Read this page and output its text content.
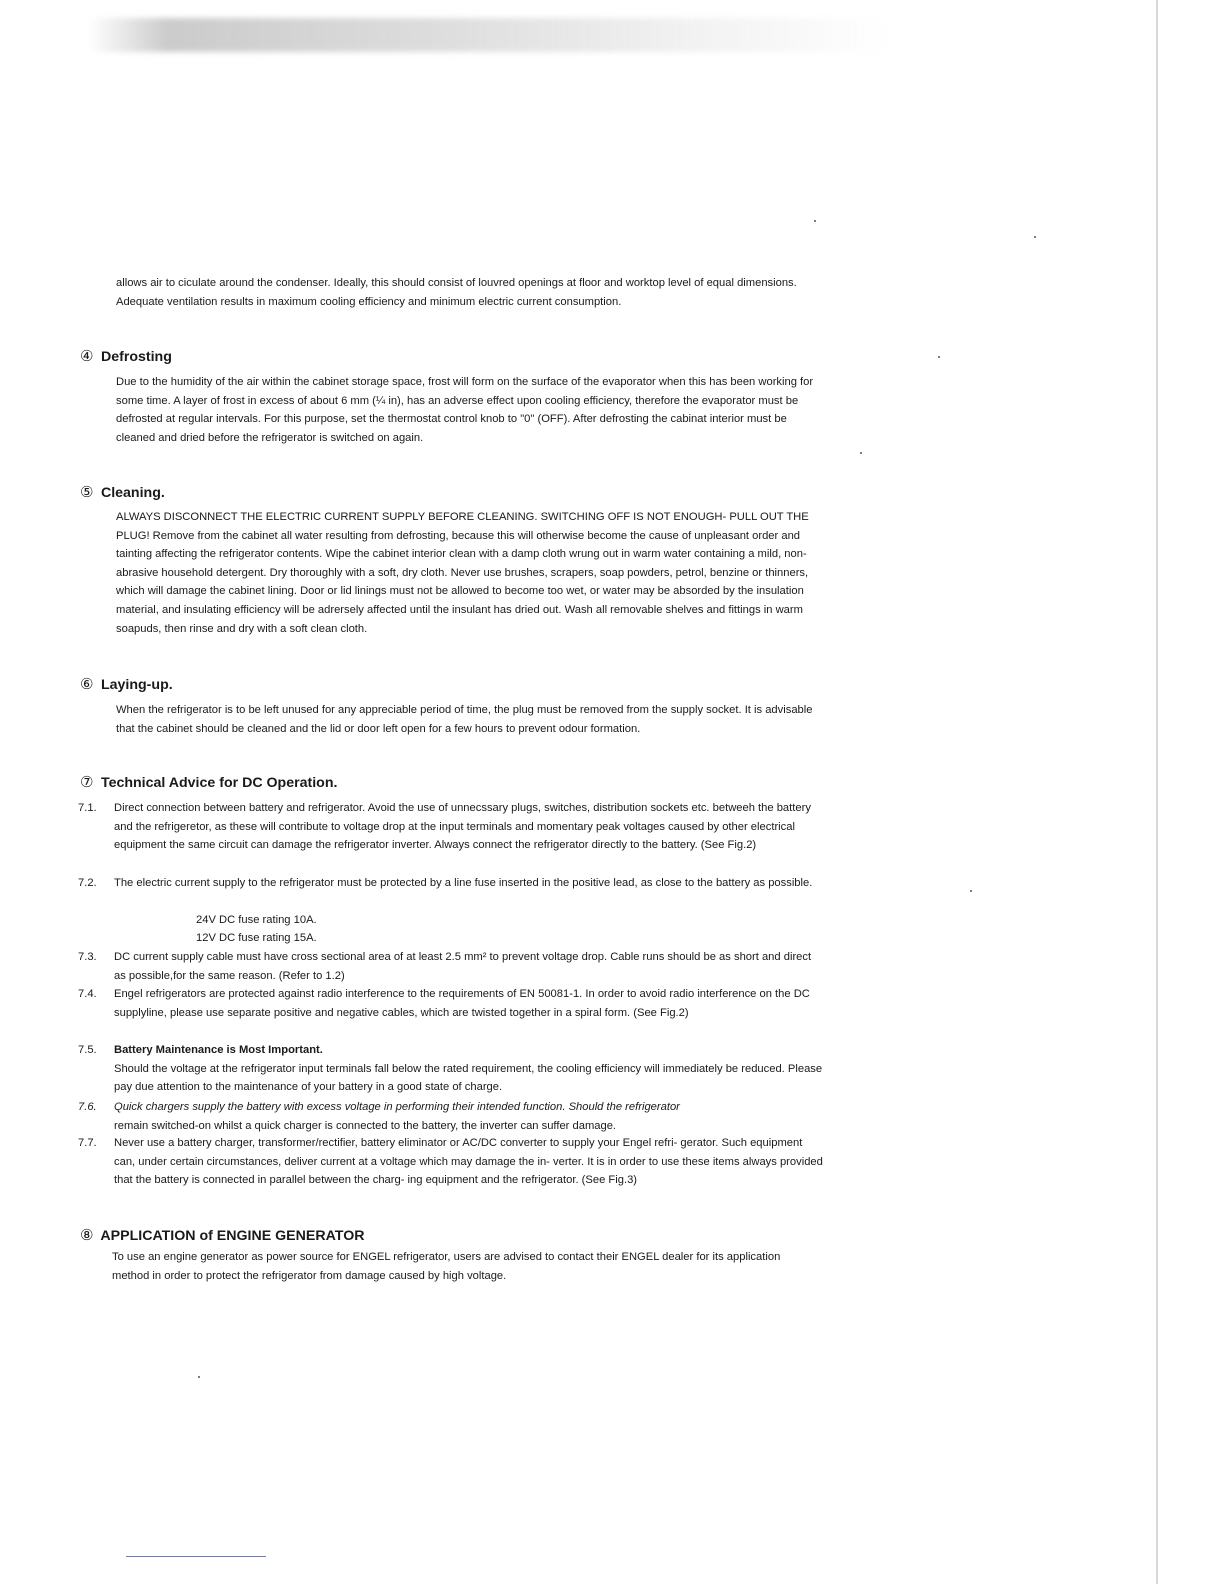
allows air to ciculate around the condenser. Ideally, this should consist of louvred openings at floor and worktop level of equal dimensions. Adequate ventilation results in maximum cooling efficiency and minimum electric current consumption.

④ Defrosting

Due to the humidity of the air within the cabinet storage space, frost will form on the surface of the evaporator when this has been working for some time. A layer of frost in excess of about 6 mm (¼ in), has an adverse effect upon cooling efficiency, therefore the evaporator must be defrosted at regular intervals. For this purpose, set the thermostat control knob to "0" (OFF). After defrosting the cabinat interior must be cleaned and dried before the refrigerator is switched on again.

⑤ Cleaning.

ALWAYS DISCONNECT THE ELECTRIC CURRENT SUPPLY BEFORE CLEANING. SWITCHING OFF IS NOT ENOUGH- PULL OUT THE PLUG! Remove from the cabinet all water resulting from defrosting, because this will otherwise become the cause of unpleasant order and tainting affecting the refrigerator contents. Wipe the cabinet interior clean with a damp cloth wrung out in warm water containing a mild, non-abrasive household detergent. Dry thoroughly with a soft, dry cloth. Never use brushes, scrapers, soap powders, petrol, benzine or thinners, which will damage the cabinet lining. Door or lid linings must not be allowed to become too wet, or water may be absorded by the insulation material, and insulating efficiency will be adrersely affected until the insulant has dried out. Wash all removable shelves and fittings in warm soapuds, then rinse and dry with a soft clean cloth.

⑥ Laying-up.

When the refrigerator is to be left unused for any appreciable period of time, the plug must be removed from the supply socket. It is advisable that the cabinet should be cleaned and the lid or door left open for a few hours to prevent odour formation.

⑦ Technical Advice for DC Operation.
7.1.	Direct connection between battery and refrigerator. Avoid the use of unnecssary plugs, switches, distribution sockets etc. betweeh the battery and the refrigeretor, as these will contribute to voltage drop at the input terminals and momentary peak voltages caused by other electrical equipment the same circuit can damage the refrigerator inverter. Always connect the refrigerator directly to the battery. (See Fig.2)
7.2.	The electric current supply to the refrigerator must be protected by a line fuse inserted in the positive lead, as close to the battery as possible.
24V DC fuse rating 10A.
12V DC fuse rating 15A.
7.3.	DC current supply cable must have cross sectional area of at least 2.5 mm² to prevent voltage drop. Cable runs should be as short and direct as possible,for the same reason. (Refer to 1.2)
7.4.	Engel refrigerators are protected against radio interference to the requirements of EN 50081-1. In order to avoid radio interference on the DC supplyline, please use separate positive and negative cables, which are twisted together in a spiral form. (See Fig.2)
7.5.	Battery Maintenance is Most Important.
Should the voltage at the refrigerator input terminals fall below the rated requirement, the cooling efficiency will immediately be reduced. Please pay due attention to the maintenance of your battery in a good state of charge.
7.6.	Quick chargers supply the battery with excess voltage in performing their intended function. Should the refrigerator
remain switched-on whilst a quick charger is connected to the battery, the inverter can suffer damage.
7.7.	Never use a battery charger, transformer/rectifier, battery eliminator or AC/DC converter to supply your Engel refri- gerator. Such equipment can, under certain circumstances, deliver current at a voltage which may damage the in- verter. It is in order to use these items always provided that the battery is connected in parallel between the charg- ing equipment and the refrigerator. (See Fig.3)
⑧ APPLICATION of ENGINE GENERATOR

To use an engine generator as power source for ENGEL refrigerator, users are advised to contact their ENGEL dealer for its application method in order to protect the refrigerator from damage caused by high voltage.
